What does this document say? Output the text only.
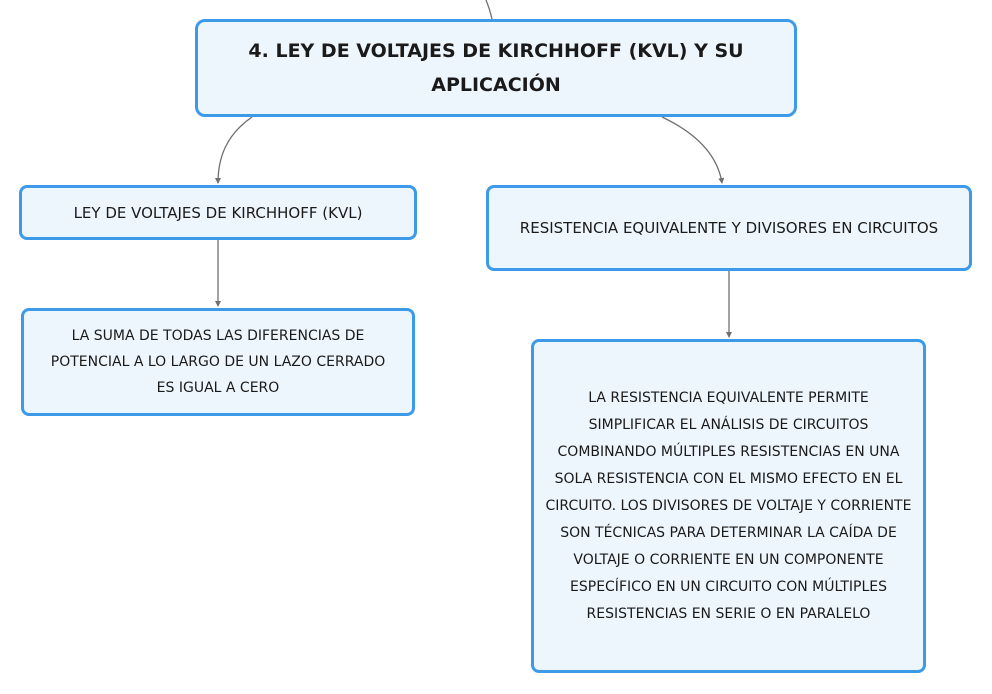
4. LEY DE VOLTAJES DE KIRCHHOFF (KVL) Y SU APLICACIÓN
LEY DE VOLTAJES DE KIRCHHOFF (KVL)
RESISTENCIA EQUIVALENTE Y DIVISORES EN CIRCUITOS
LA SUMA DE TODAS LAS DIFERENCIAS DE POTENCIAL A LO LARGO DE UN LAZO CERRADO ES IGUAL A CERO
LA RESISTENCIA EQUIVALENTE PERMITE SIMPLIFICAR EL ANÁLISIS DE CIRCUITOS COMBINANDO MÚLTIPLES RESISTENCIAS EN UNA SOLA RESISTENCIA CON EL MISMO EFECTO EN EL CIRCUITO. LOS DIVISORES DE VOLTAJE Y CORRIENTE SON TÉCNICAS PARA DETERMINAR LA CAÍDA DE VOLTAJE O CORRIENTE EN UN COMPONENTE ESPECÍFICO EN UN CIRCUITO CON MÚLTIPLES RESISTENCIAS EN SERIE O EN PARALELO
